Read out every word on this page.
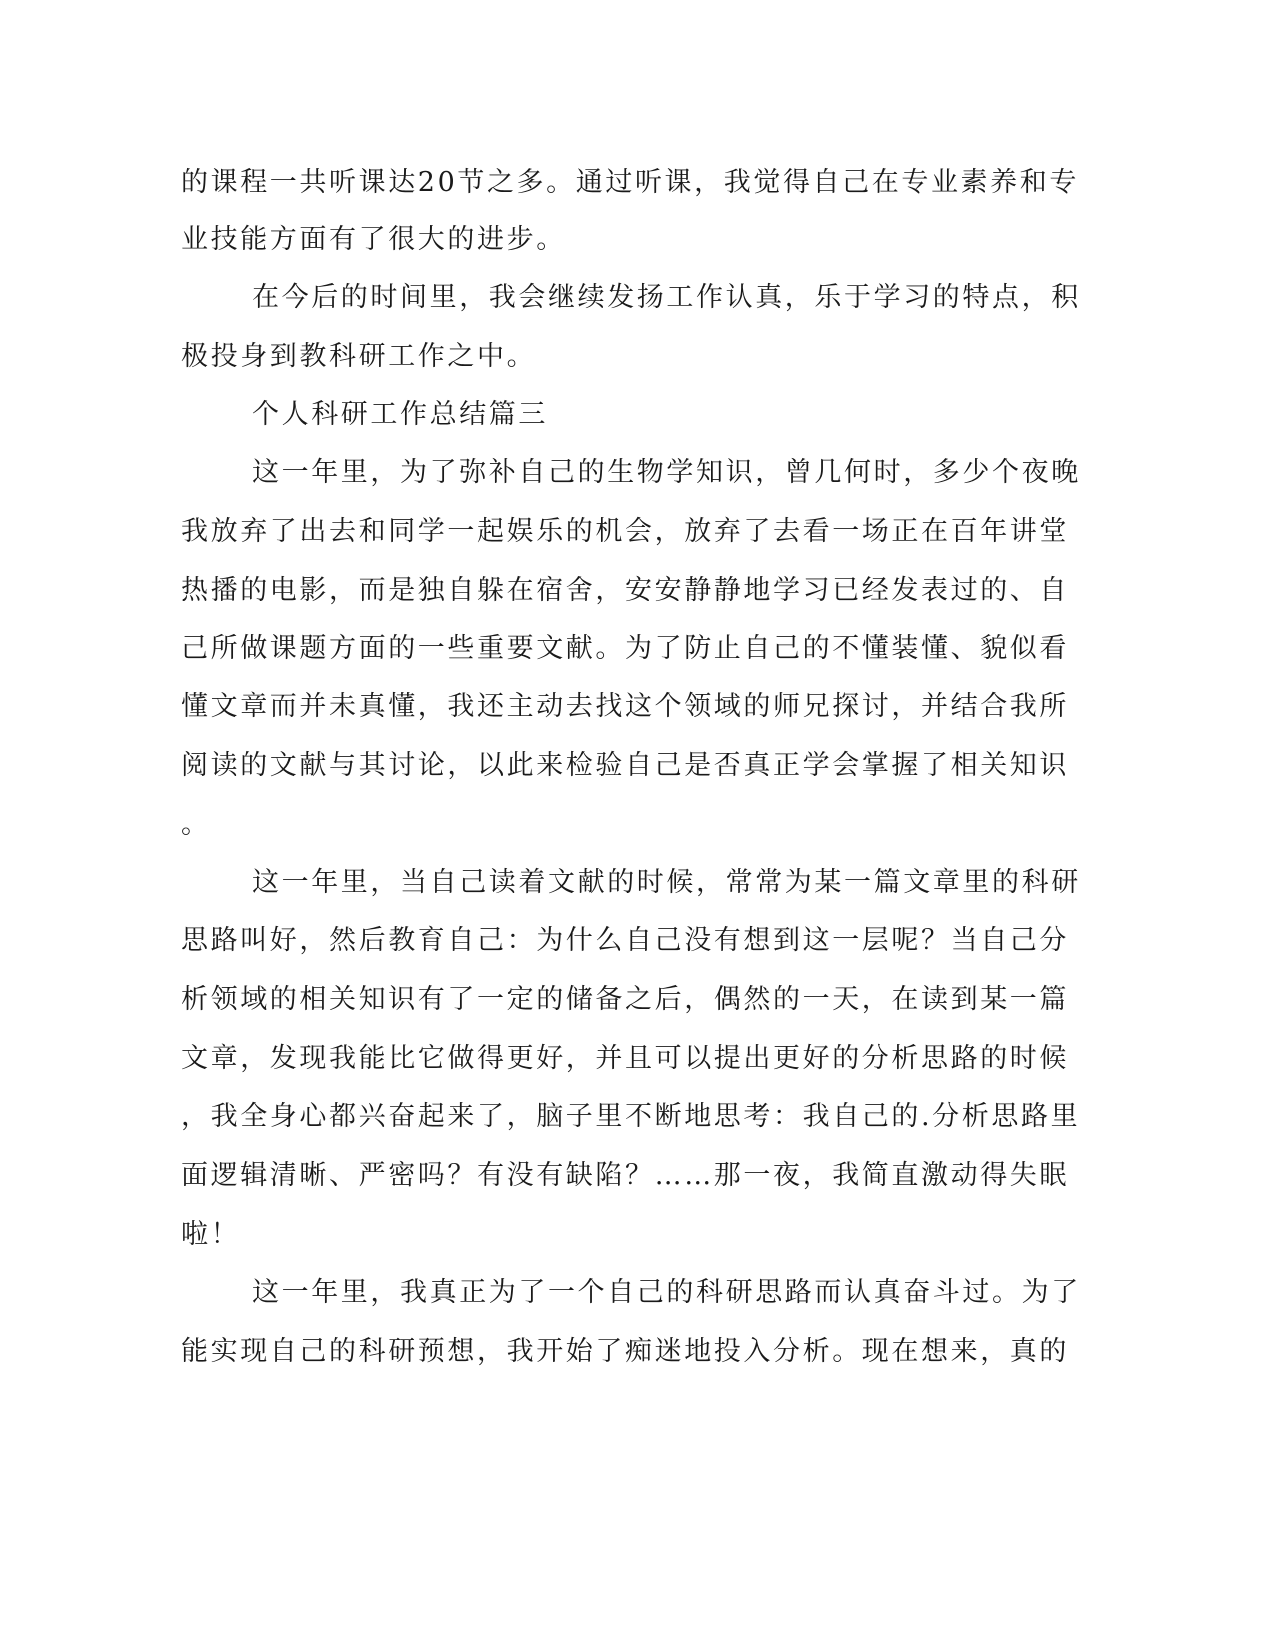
的课程一共听课达20节之多。通过听课，我觉得自己在专业素养和专
业技能方面有了很大的进步。
在今后的时间里，我会继续发扬工作认真，乐于学习的特点，积
极投身到教科研工作之中。
个人科研工作总结篇三
这一年里，为了弥补自己的生物学知识，曾几何时，多少个夜晚
我放弃了出去和同学一起娱乐的机会，放弃了去看一场正在百年讲堂
热播的电影，而是独自躲在宿舍，安安静静地学习已经发表过的、自
己所做课题方面的一些重要文献。为了防止自己的不懂装懂、貌似看
懂文章而并未真懂，我还主动去找这个领域的师兄探讨，并结合我所
阅读的文献与其讨论，以此来检验自己是否真正学会掌握了相关知识
。
这一年里，当自己读着文献的时候，常常为某一篇文章里的科研
思路叫好，然后教育自己：为什么自己没有想到这一层呢？当自己分
析领域的相关知识有了一定的储备之后，偶然的一天，在读到某一篇
文章，发现我能比它做得更好，并且可以提出更好的分析思路的时候
，我全身心都兴奋起来了，脑子里不断地思考：我自己的.分析思路里
面逻辑清晰、严密吗？有没有缺陷？……那一夜，我简直激动得失眠
啦！
这一年里，我真正为了一个自己的科研思路而认真奋斗过。为了
能实现自己的科研预想，我开始了痴迷地投入分析。现在想来，真的
